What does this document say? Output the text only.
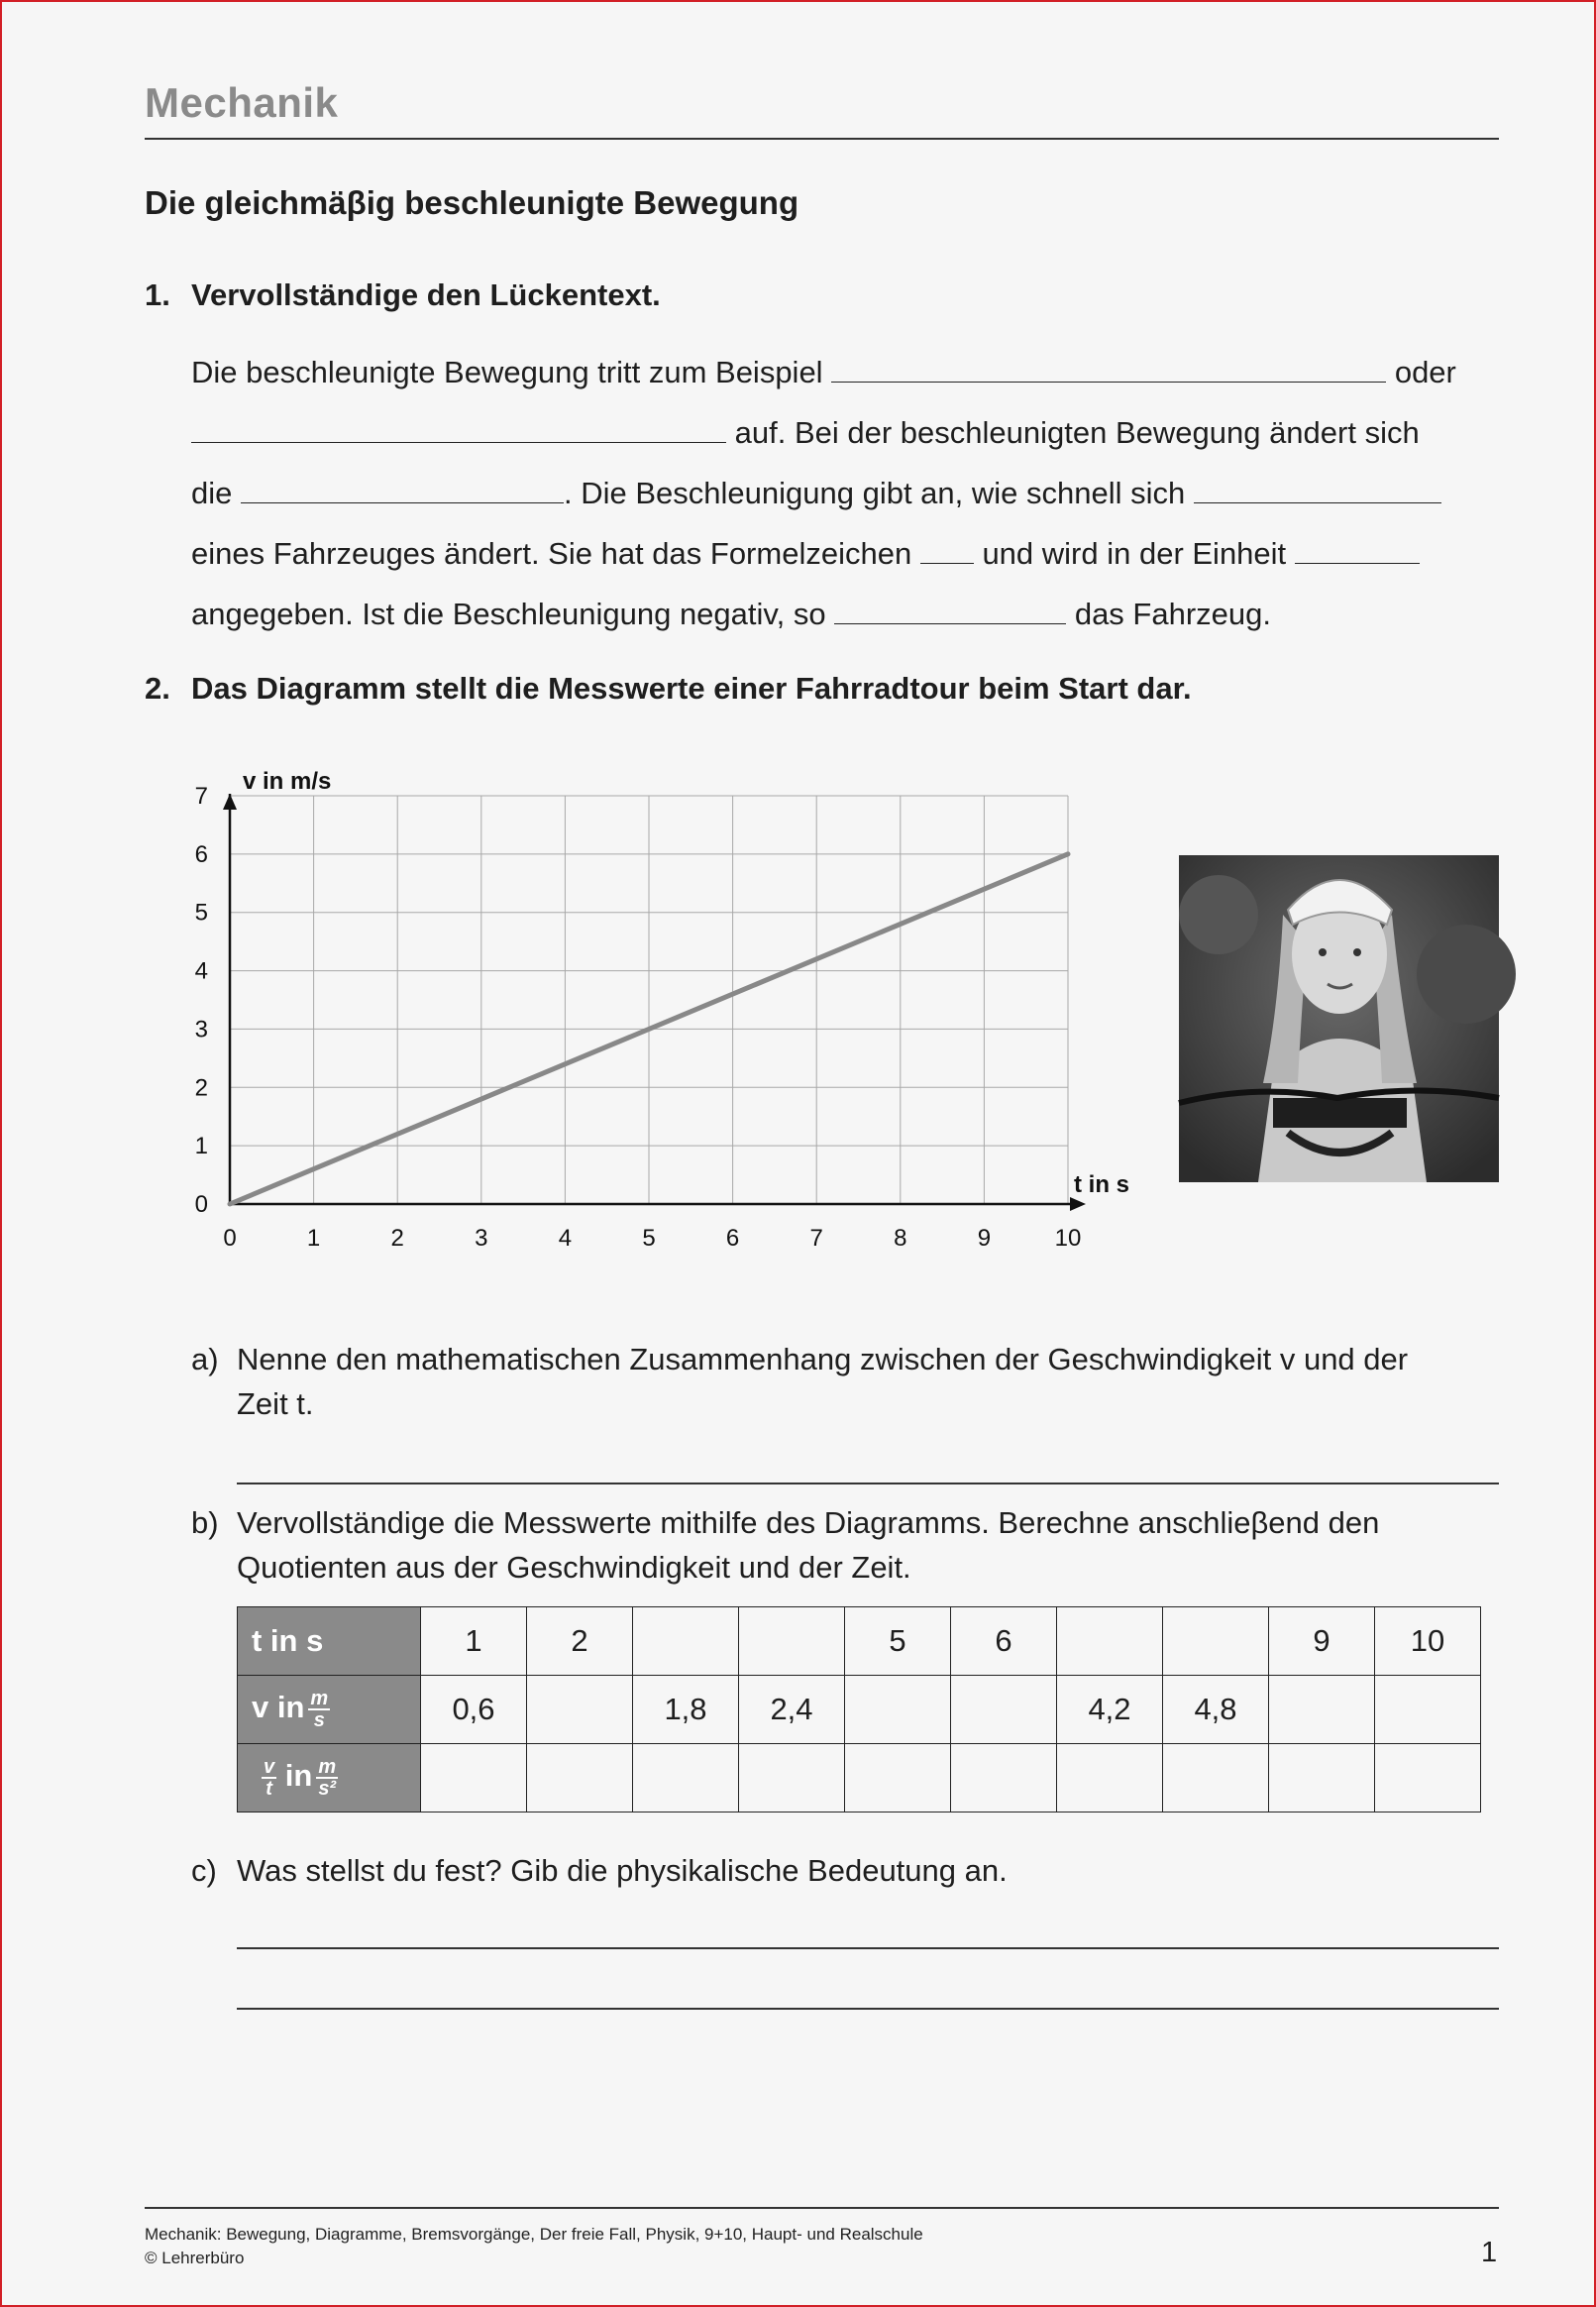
Mechanik
Die gleichmäβig beschleunigte Bewegung
1. Vervollständige den Lückentext.
Die beschleunigte Bewegung tritt zum Beispiel	oder
auf. Bei der beschleunigten Bewegung ändert sich
die	. Die Beschleunigung gibt an, wie schnell sich
eines Fahrzeuges ändert. Sie hat das Formelzeichen und wird in der Einheit
angegeben. Ist die Beschleunigung negativ, so	das Fahrzeug.
2. Das Diagramm stellt die Messwerte einer Fahrradtour beim Start dar.
0	1	2	3	4	5	6	7	8	9	10
0
1
2
3
4
5
6
7
v in m/s
t in s
a) Nenne den mathematischen Zusammenhang zwischen der Geschwindigkeit v und der
Zeit t.
b) Vervollständige die Messwerte mithilfe des Diagramms. Berechne anschlieβend den
Quotienten aus der Geschwindigkeit und der Zeit.
t in s	1	2			5	6			9	10
v in $\frac{m}{s}$	0,6		1,8	2,4			4,2	4,8		

$\frac{v}{t}$ in $\frac{m}{\text{s²}}$

c) Was stellst du fest? Gib die physikalische Bedeutung an.
Mechanik: Bewegung, Diagramme, Bremsvorgänge, Der freie Fall, Physik, 9+10, Haupt- und Realschule
© Lehrerbüro	1
